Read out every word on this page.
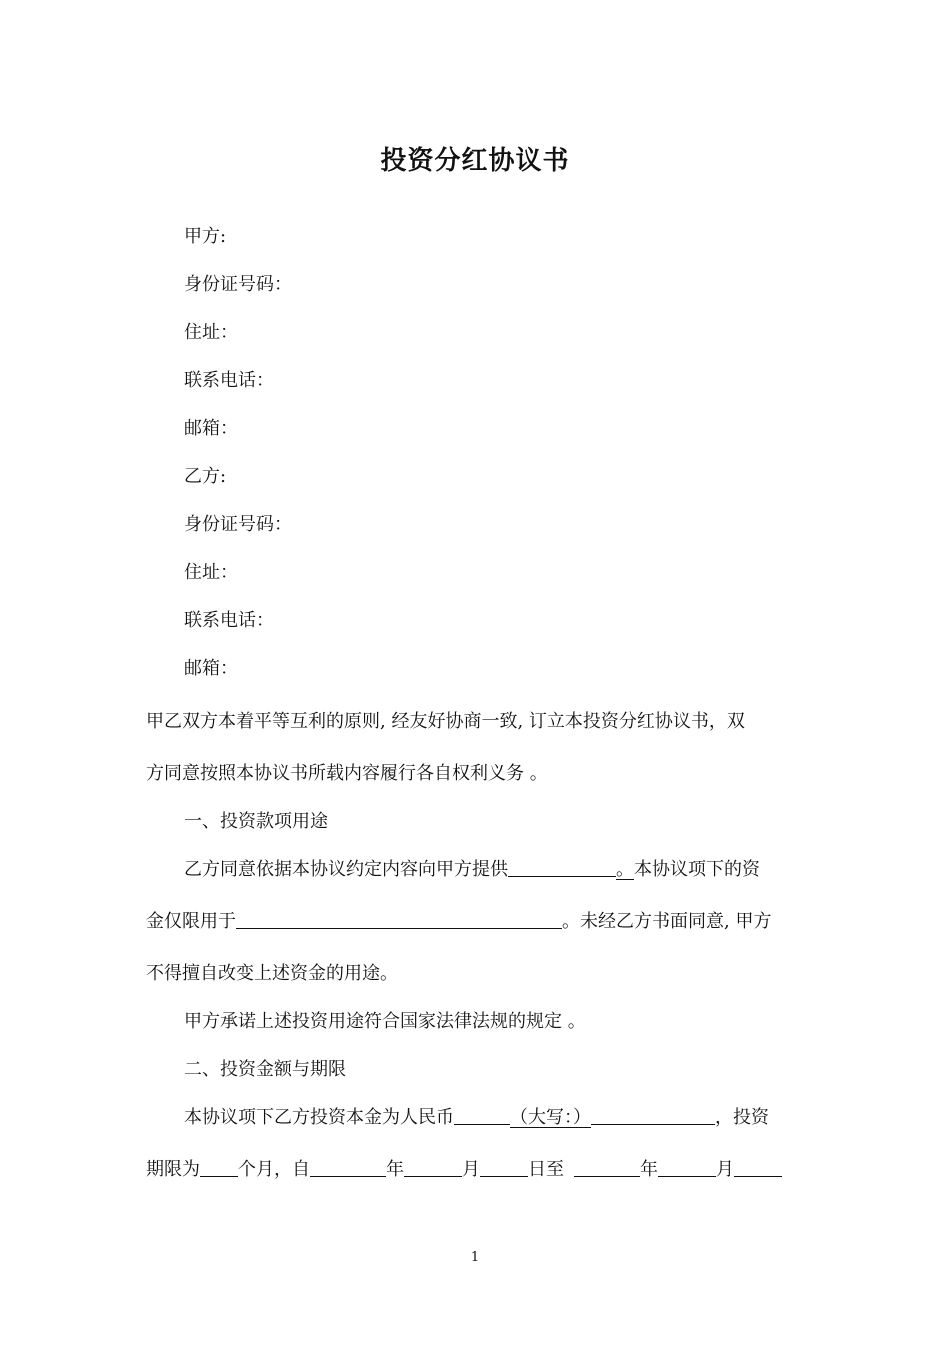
投资分红协议书
甲方:
身份证号码：
住址：
联系电话：
邮箱：
乙方:
身份证号码：
住址：
联系电话：
邮箱：
甲乙双方本着平等互利的原则, 经友好协商一致, 订立本投资分红协议书，双
方同意按照本协议书所载内容履行各自权利义务 。
一、投资款项用途
乙方同意依据本协议约定内容向甲方提供	。本协议项下的资
金仅限用于	。未经乙方书面同意, 甲方
不得擅自改变上述资金的用途。
甲方承诺上述投资用途符合国家法律法规的规定 。
二、投资金额与期限
本协议项下乙方投资本金为人民币	（大写：）	，投资
期限为 个月，自	年	月	日至	年	月
1
